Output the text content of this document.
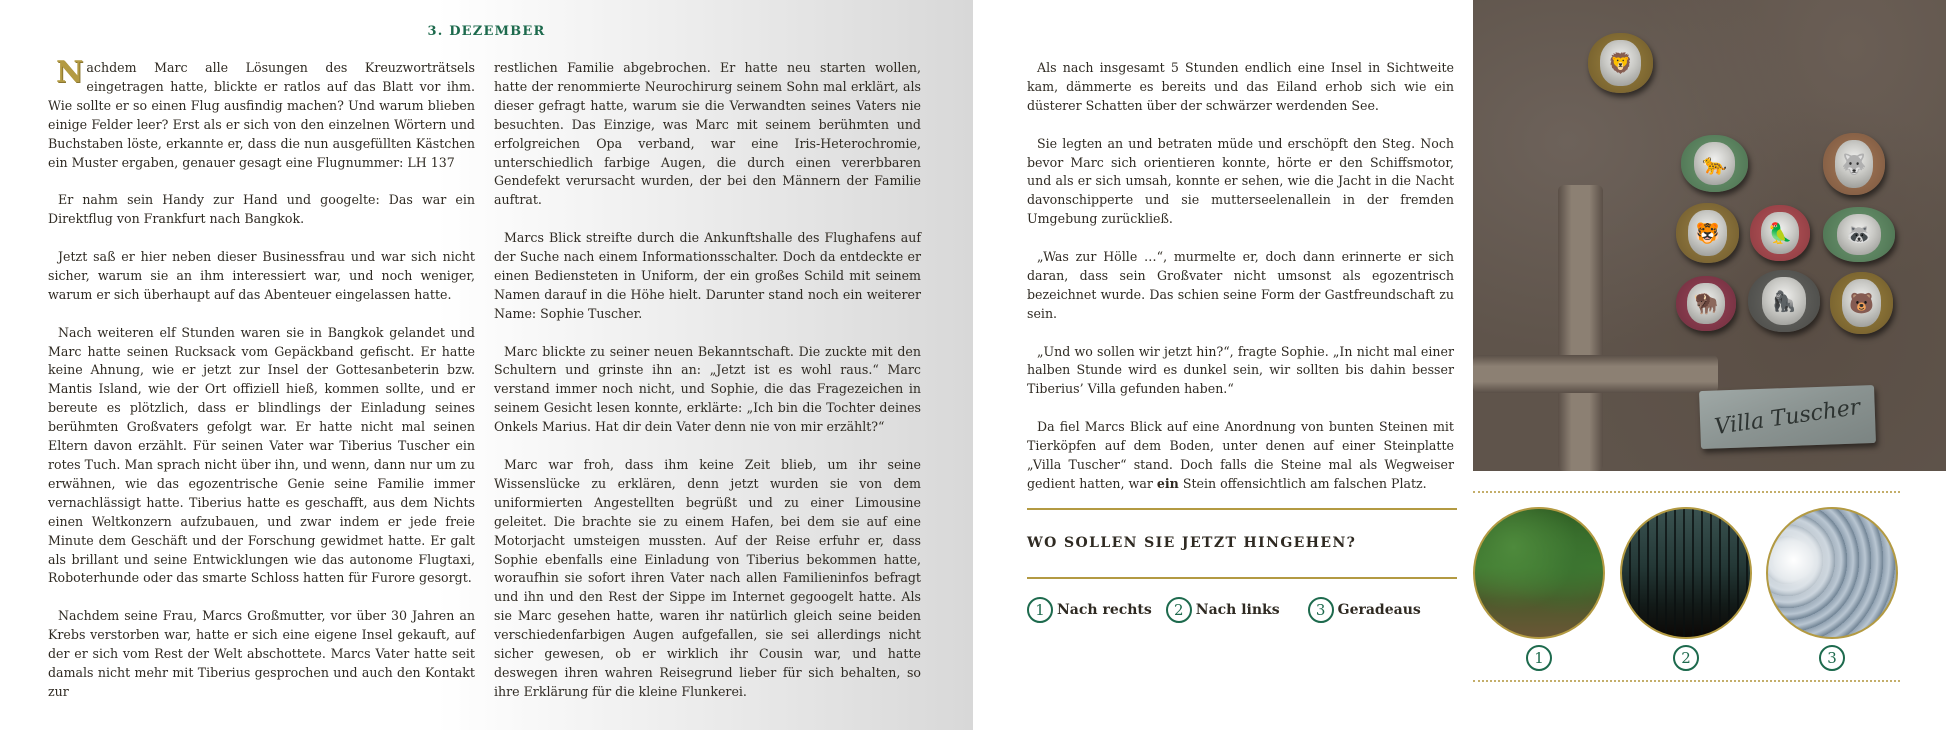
3. DEZEMBER

Nachdem Marc alle Lösungen des Kreuzworträtsels eingetragen hatte, blickte er ratlos auf das Blatt vor ihm. Wie sollte er so einen Flug ausfindig machen? Und warum blieben einige Felder leer? Erst als er sich von den einzelnen Wörtern und Buchstaben löste, erkannte er, dass die nun ausgefüllten Kästchen ein Muster ergaben, genauer gesagt eine Flugnummer: LH 137

Er nahm sein Handy zur Hand und googelte: Das war ein Direktflug von Frankfurt nach Bangkok.

Jetzt saß er hier neben dieser Businessfrau und war sich nicht sicher, warum sie an ihm interessiert war, und noch weniger, warum er sich überhaupt auf das Abenteuer eingelassen hatte.

Nach weiteren elf Stunden waren sie in Bangkok gelandet und Marc hatte seinen Rucksack vom Gepäckband gefischt. Er hatte keine Ahnung, wie er jetzt zur Insel der Gottesanbeterin bzw. Mantis Island, wie der Ort offiziell hieß, kommen sollte, und er bereute es plötzlich, dass er blindlings der Einladung seines berühmten Großvaters gefolgt war. Er hatte nicht mal seinen Eltern davon erzählt. Für seinen Vater war Tiberius Tuscher ein rotes Tuch. Man sprach nicht über ihn, und wenn, dann nur um zu erwähnen, wie das egozentrische Genie seine Familie immer vernachlässigt hatte. Tiberius hatte es geschafft, aus dem Nichts einen Weltkonzern aufzubauen, und zwar indem er jede freie Minute dem Geschäft und der Forschung gewidmet hatte. Er galt als brillant und seine Entwicklungen wie das autonome Flugtaxi, Roboterhunde oder das smarte Schloss hatten für Furore gesorgt.

Nachdem seine Frau, Marcs Großmutter, vor über 30 Jahren an Krebs verstorben war, hatte er sich eine eigene Insel gekauft, auf der er sich vom Rest der Welt abschottete. Marcs Vater hatte seit damals nicht mehr mit Tiberius gesprochen und auch den Kontakt zur

restlichen Familie abgebrochen. Er hatte neu starten wollen, hatte der renommierte Neurochirurg seinem Sohn mal erklärt, als dieser gefragt hatte, warum sie die Verwandten seines Vaters nie besuchten. Das Einzige, was Marc mit seinem berühmten und erfolgreichen Opa verband, war eine Iris-Heterochromie, unterschiedlich farbige Augen, die durch einen vererbbaren Gendefekt verursacht wurden, der bei den Männern der Familie auftrat.

Marcs Blick streifte durch die Ankunftshalle des Flughafens auf der Suche nach einem Informationsschalter. Doch da entdeckte er einen Bediensteten in Uniform, der ein großes Schild mit seinem Namen darauf in die Höhe hielt. Darunter stand noch ein weiterer Name: Sophie Tuscher.

Marc blickte zu seiner neuen Bekanntschaft. Die zuckte mit den Schultern und grinste ihn an: „Jetzt ist es wohl raus.“ Marc verstand immer noch nicht, und Sophie, die das Fragezeichen in seinem Gesicht lesen konnte, erklärte: „Ich bin die Tochter deines Onkels Marius. Hat dir dein Vater denn nie von mir erzählt?“

Marc war froh, dass ihm keine Zeit blieb, um ihr seine Wissenslücke zu erklären, denn jetzt wurden sie von dem uniformierten Angestellten begrüßt und zu einer Limousine geleitet. Die brachte sie zu einem Hafen, bei dem sie auf eine Motorjacht umsteigen mussten. Auf der Reise erfuhr er, dass Sophie ebenfalls eine Einladung von Tiberius bekommen hatte, woraufhin sie sofort ihren Vater nach allen Familieninfos befragt und ihn und den Rest der Sippe im Internet gegoogelt hatte. Als sie Marc gesehen hatte, waren ihr natürlich gleich seine beiden verschiedenfarbigen Augen aufgefallen, sie sei allerdings nicht sicher gewesen, ob er wirklich ihr Cousin war, und hatte deswegen ihren wahren Reisegrund lieber für sich behalten, so ihre Erklärung für die kleine Flunkerei.

Als nach insgesamt 5 Stunden endlich eine Insel in Sichtweite kam, dämmerte es bereits und das Eiland erhob sich wie ein düsterer Schatten über der schwärzer werdenden See.

Sie legten an und betraten müde und erschöpft den Steg. Noch bevor Marc sich orientieren konnte, hörte er den Schiffsmotor, und als er sich umsah, konnte er sehen, wie die Jacht in die Nacht davonschipperte und sie mutterseelenallein in der fremden Umgebung zurückließ.

„Was zur Hölle …“, murmelte er, doch dann erinnerte er sich daran, dass sein Großvater nicht umsonst als egozentrisch bezeichnet wurde. Das schien seine Form der Gastfreundschaft zu sein.

„Und wo sollen wir jetzt hin?“, fragte Sophie. „In nicht mal einer halben Stunde wird es dunkel sein, wir sollten bis dahin besser Tiberius’ Villa gefunden haben.“

Da fiel Marcs Blick auf eine Anordnung von bunten Steinen mit Tierköpfen auf dem Boden, unter denen auf einer Steinplatte „Villa Tuscher“ stand. Doch falls die Steine mal als Wegweiser gedient hatten, war ein Stein offensichtlich am falschen Platz.

WO SOLLEN SIE JETZT HINGEHEN?
1 Nach rechts	2 Nach links	3 Geradeaus
🦁
🐆	🐺
🐯	🦜	🦝
🦬	🦍	🐻
Villa Tuscher
1	2	3
